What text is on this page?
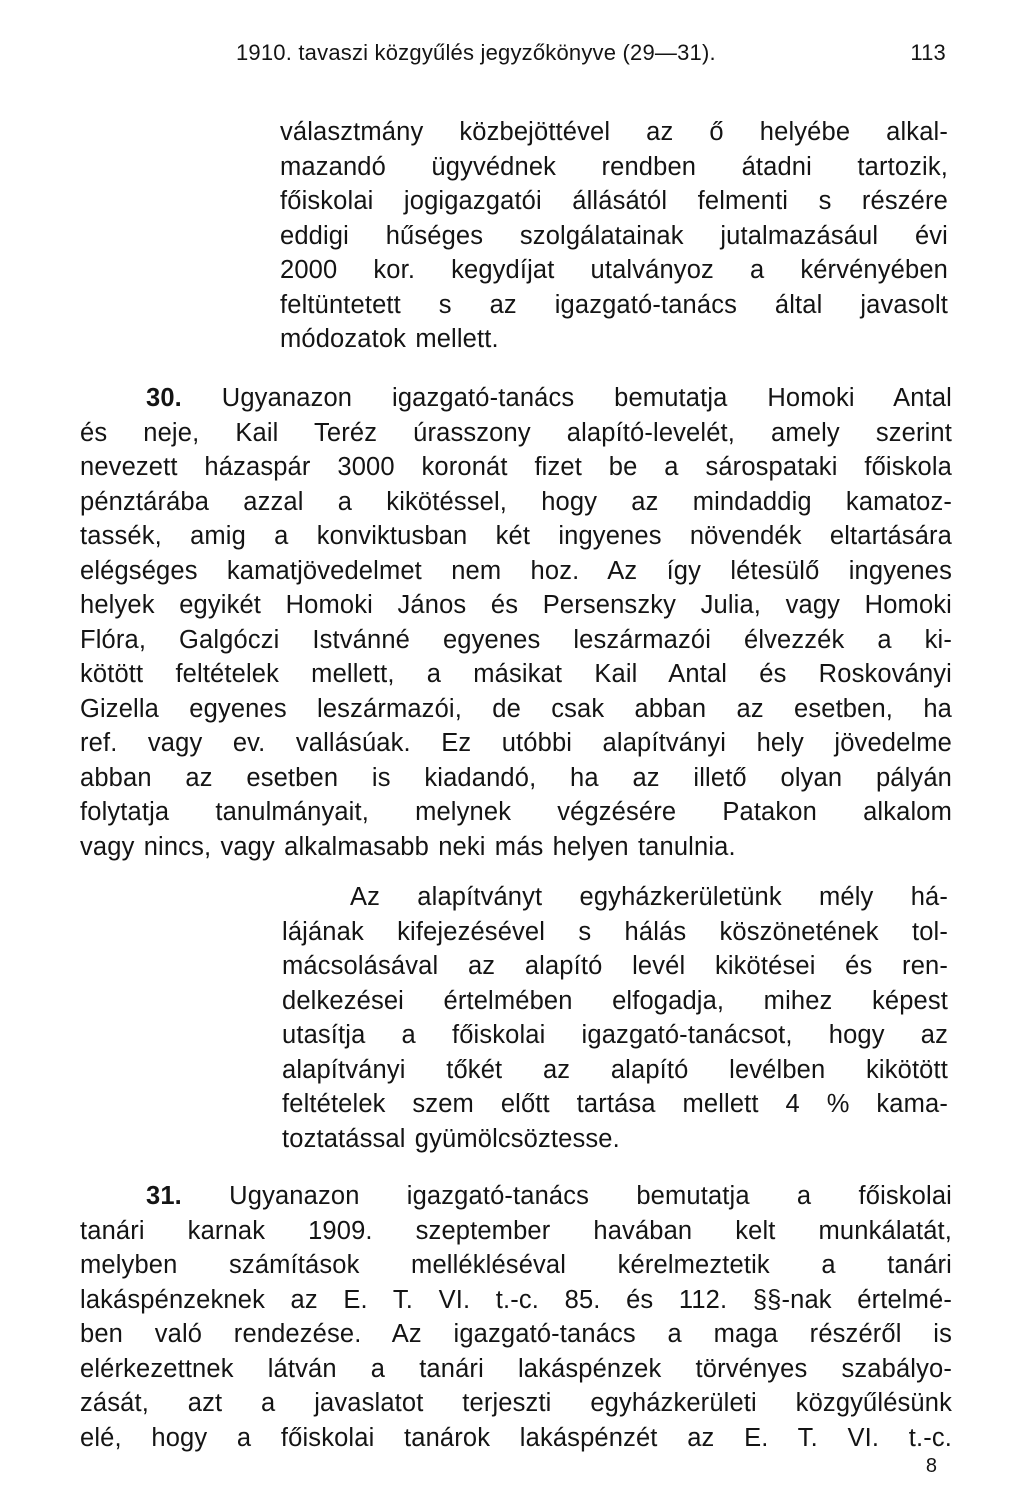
1910. tavaszi közgyűlés jegyzőkönyve (29—31).	113
választmány közbejöttével az ő helyébe alkal-
mazandó ügyvédnek rendben átadni tartozik,
főiskolai jogigazgatói állásától felmenti s részére
eddigi hűséges szolgálatainak jutalmazásául évi
2000 kor. kegydíjat utalványoz a kérvényében
feltüntetett s az igazgató-tanács által javasolt
módozatok mellett.
30. Ugyanazon igazgató-tanács bemutatja Homoki Antal
és neje, Kail Teréz úrasszony alapító-levelét, amely szerint
nevezett házaspár 3000 koronát fizet be a sárospataki főiskola
pénztárába azzal a kikötéssel, hogy az mindaddig kamatoz-
tassék, amig a konviktusban két ingyenes növendék eltartására
elégséges kamatjövedelmet nem hoz. Az így létesülő ingyenes
helyek egyikét Homoki János és Persenszky Julia, vagy Homoki
Flóra, Galgóczi Istvánné egyenes leszármazói élvezzék a ki-
kötött feltételek mellett, a másikat Kail Antal és Roskoványi
Gizella egyenes leszármazói, de csak abban az esetben, ha
ref. vagy ev. vallásúak. Ez utóbbi alapítványi hely jövedelme
abban az esetben is kiadandó, ha az illető olyan pályán
folytatja tanulmányait, melynek végzésére Patakon alkalom
vagy nincs, vagy alkalmasabb neki más helyen tanulnia.
Az alapítványt egyházkerületünk mély há-
lájának kifejezésével s hálás köszönetének tol-
mácsolásával az alapító levél kikötései és ren-
delkezései értelmében elfogadja, mihez képest
utasítja a főiskolai igazgató-tanácsot, hogy az
alapítványi tőkét az alapító levélben kikötött
feltételek szem előtt tartása mellett 4 % kama-
toztatással gyümölcsöztesse.
31. Ugyanazon igazgató-tanács bemutatja a főiskolai
tanári karnak 1909. szeptember havában kelt munkálatát,
melyben számítások mellékléséval kérelmeztetik a tanári
lakáspénzeknek az E. T. VI. t.-c. 85. és 112. §§-nak értelmé-
ben való rendezése. Az igazgató-tanács a maga részéről is
elérkezettnek látván a tanári lakáspénzek törvényes szabályo-
zását, azt a javaslatot terjeszti egyházkerületi közgyűlésünk
elé, hogy a főiskolai tanárok lakáspénzét az E. T. VI. t.-c.
8
